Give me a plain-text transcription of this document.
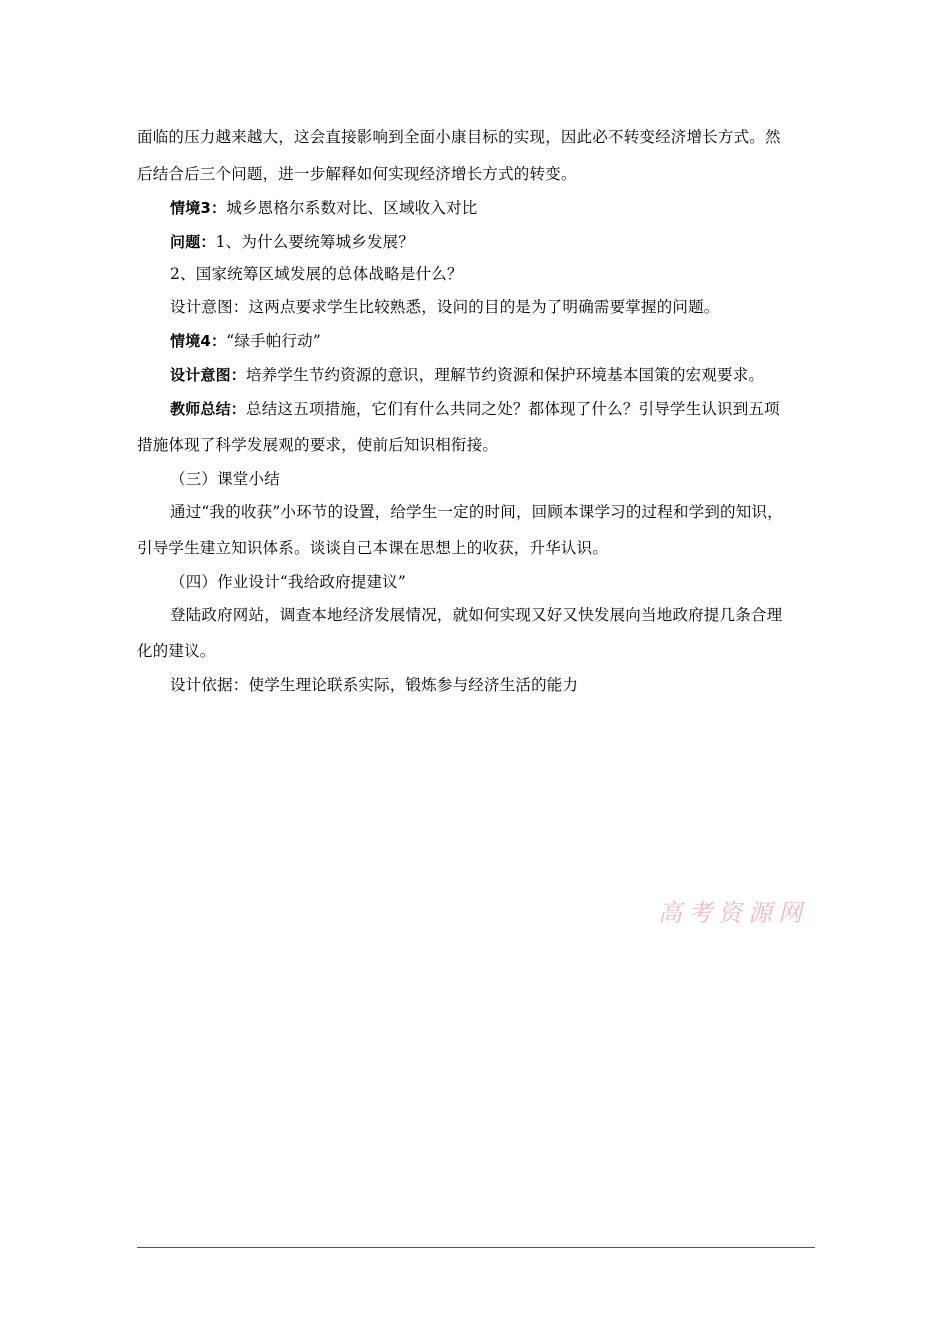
面临的压力越来越大，这会直接影响到全面小康目标的实现，因此必不转变经济增长方式。然
后结合后三个问题，进一步解释如何实现经济增长方式的转变。
情境3：城乡恩格尔系数对比、区域收入对比
问题：1、为什么要统筹城乡发展？
2、国家统筹区域发展的总体战略是什么？
设计意图：这两点要求学生比较熟悉，设问的目的是为了明确需要掌握的问题。
情境4：“绿手帕行动”
设计意图：培养学生节约资源的意识，理解节约资源和保护环境基本国策的宏观要求。
教师总结：总结这五项措施，它们有什么共同之处？都体现了什么？引导学生认识到五项
措施体现了科学发展观的要求，使前后知识相衔接。
（三）课堂小结
通过“我的收获”小环节的设置，给学生一定的时间，回顾本课学习的过程和学到的知识，
引导学生建立知识体系。谈谈自己本课在思想上的收获，升华认识。
（四）作业设计“我给政府提建议”
登陆政府网站，调查本地经济发展情况，就如何实现又好又快发展向当地政府提几条合理
化的建议。
设计依据：使学生理论联系实际，锻炼参与经济生活的能力
高考资源网
